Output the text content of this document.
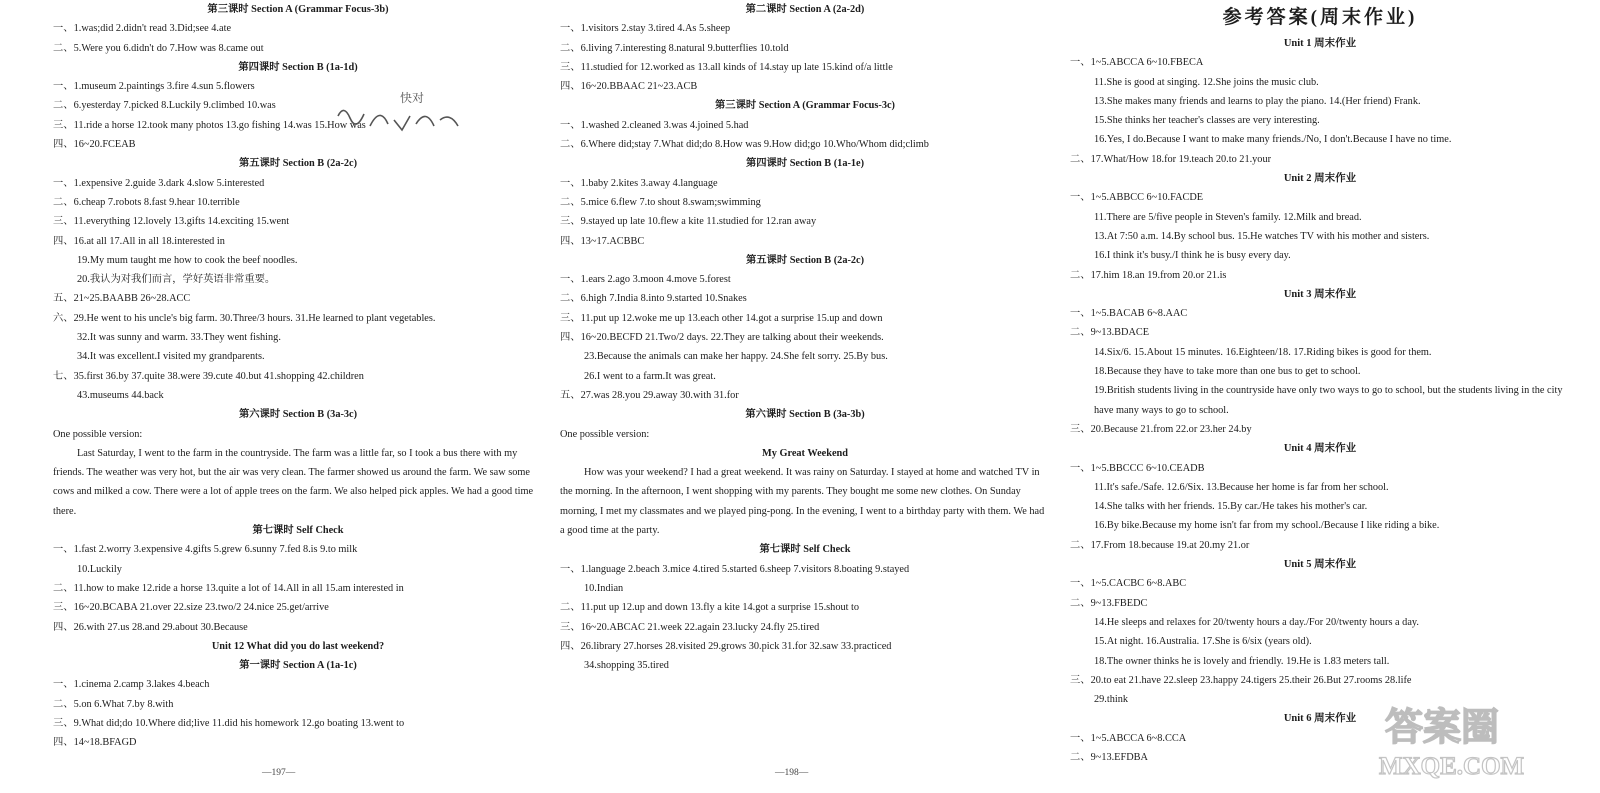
第三课时 Section A (Grammar Focus-3b)
一、1.was;did 2.didn't read 3.Did;see 4.ate
二、5.Were you 6.didn't do 7.How was 8.came out
第四课时 Section B (1a-1d)
一、1.museum 2.paintings 3.fire 4.sun 5.flowers
二、6.yesterday 7.picked 8.Luckily 9.climbed 10.was
三、11.ride a horse 12.took many photos 13.go fishing 14.was 15.How was
四、16~20.FCEAB
第五课时 Section B (2a-2c)
一、1.expensive 2.guide 3.dark 4.slow 5.interested
二、6.cheap 7.robots 8.fast 9.hear 10.terrible
三、11.everything 12.lovely 13.gifts 14.exciting 15.went
四、16.at all 17.All in all 18.interested in
19.My mum taught me how to cook the beef noodles.
20.我认为对我们而言，学好英语非常重要。
五、21~25.BAABB 26~28.ACC
六、29.He went to his uncle's big farm. 30.Three/3 hours. 31.He learned to plant vegetables.
32.It was sunny and warm. 33.They went fishing.
34.It was excellent.I visited my grandparents.
七、35.first 36.by 37.quite 38.were 39.cute 40.but 41.shopping 42.children
43.museums 44.back
第六课时 Section B (3a-3c)
One possible version:
Last Saturday, I went to the farm in the countryside. The farm was a little far, so I took a bus there with my friends. The weather was very hot, but the air was very clean. The farmer showed us around the farm. We saw some cows and milked a cow. There were a lot of apple trees on the farm. We also helped pick apples. We had a good time there.
第七课时 Self Check
一、1.fast 2.worry 3.expensive 4.gifts 5.grew 6.sunny 7.fed 8.is 9.to milk
10.Luckily
二、11.how to make 12.ride a horse 13.quite a lot of 14.All in all 15.am interested in
三、16~20.BCABA 21.over 22.size 23.two/2 24.nice 25.get/arrive
四、26.with 27.us 28.and 29.about 30.Because
Unit 12 What did you do last weekend?
第一课时 Section A (1a-1c)
一、1.cinema 2.camp 3.lakes 4.beach
二、5.on 6.What 7.by 8.with
三、9.What did;do 10.Where did;live 11.did his homework 12.go boating 13.went to
四、14~18.BFAGD
第二课时 Section A (2a-2d)
一、1.visitors 2.stay 3.tired 4.As 5.sheep
二、6.living 7.interesting 8.natural 9.butterflies 10.told
三、11.studied for 12.worked as 13.all kinds of 14.stay up late 15.kind of/a little
四、16~20.BBAAC 21~23.ACB
第三课时 Section A (Grammar Focus-3c)
一、1.washed 2.cleaned 3.was 4.joined 5.had
二、6.Where did;stay 7.What did;do 8.How was 9.How did;go 10.Who/Whom did;climb
第四课时 Section B (1a-1e)
一、1.baby 2.kites 3.away 4.language
二、5.mice 6.flew 7.to shout 8.swam;swimming
三、9.stayed up late 10.flew a kite 11.studied for 12.ran away
四、13~17.ACBBC
第五课时 Section B (2a-2c)
一、1.ears 2.ago 3.moon 4.move 5.forest
二、6.high 7.India 8.into 9.started 10.Snakes
三、11.put up 12.woke me up 13.each other 14.got a surprise 15.up and down
四、16~20.BECFD 21.Two/2 days. 22.They are talking about their weekends.
23.Because the animals can make her happy. 24.She felt sorry. 25.By bus.
26.I went to a farm.It was great.
五、27.was 28.you 29.away 30.with 31.for
第六课时 Section B (3a-3b)
One possible version:
My Great Weekend
How was your weekend? I had a great weekend. It was rainy on Saturday. I stayed at home and watched TV in the morning. In the afternoon, I went shopping with my parents. They bought me some new clothes. On Sunday morning, I met my classmates and we played ping-pong. In the evening, I went to a birthday party with them. We had a good time at the party.
第七课时 Self Check
一、1.language 2.beach 3.mice 4.tired 5.started 6.sheep 7.visitors 8.boating 9.stayed
10.Indian
二、11.put up 12.up and down 13.fly a kite 14.got a surprise 15.shout to
三、16~20.ABCAC 21.week 22.again 23.lucky 24.fly 25.tired
四、26.library 27.horses 28.visited 29.grows 30.pick 31.for 32.saw 33.practiced
34.shopping 35.tired
参考答案(周末作业)
Unit 1 周末作业
一、1~5.ABCCA 6~10.FBECA
11.She is good at singing. 12.She joins the music club.
13.She makes many friends and learns to play the piano. 14.(Her friend) Frank.
15.She thinks her teacher's classes are very interesting.
16.Yes, I do.Because I want to make many friends./No, I don't.Because I have no time.
二、17.What/How 18.for 19.teach 20.to 21.your
Unit 2 周末作业
一、1~5.ABBCC 6~10.FACDE
11.There are 5/five people in Steven's family. 12.Milk and bread.
13.At 7:50 a.m. 14.By school bus. 15.He watches TV with his mother and sisters.
16.I think it's busy./I think he is busy every day.
二、17.him 18.an 19.from 20.or 21.is
Unit 3 周末作业
一、1~5.BACAB 6~8.AAC
二、9~13.BDACE
14.Six/6. 15.About 15 minutes. 16.Eighteen/18. 17.Riding bikes is good for them.
18.Because they have to take more than one bus to get to school.
19.British students living in the countryside have only two ways to go to school, but the students living in the city have many ways to go to school.
三、20.Because 21.from 22.or 23.her 24.by
Unit 4 周末作业
一、1~5.BBCCC 6~10.CEADB
11.It's safe./Safe. 12.6/Six. 13.Because her home is far from her school.
14.She talks with her friends. 15.By car./He takes his mother's car.
16.By bike.Because my home isn't far from my school./Because I like riding a bike.
二、17.From 18.because 19.at 20.my 21.or
Unit 5 周末作业
一、1~5.CACBC 6~8.ABC
二、9~13.FBEDC
14.He sleeps and relaxes for 20/twenty hours a day./For 20/twenty hours a day.
15.At night. 16.Australia. 17.She is 6/six (years old).
18.The owner thinks he is lovely and friendly. 19.He is 1.83 meters tall.
三、20.to eat 21.have 22.sleep 23.happy 24.tigers 25.their 26.But 27.rooms 28.life
29.think
Unit 6 周末作业
一、1~5.ABCCA 6~8.CCA
二、9~13.EFDBA
快对
答案圈
MXQE.COM
—197—	—198—
